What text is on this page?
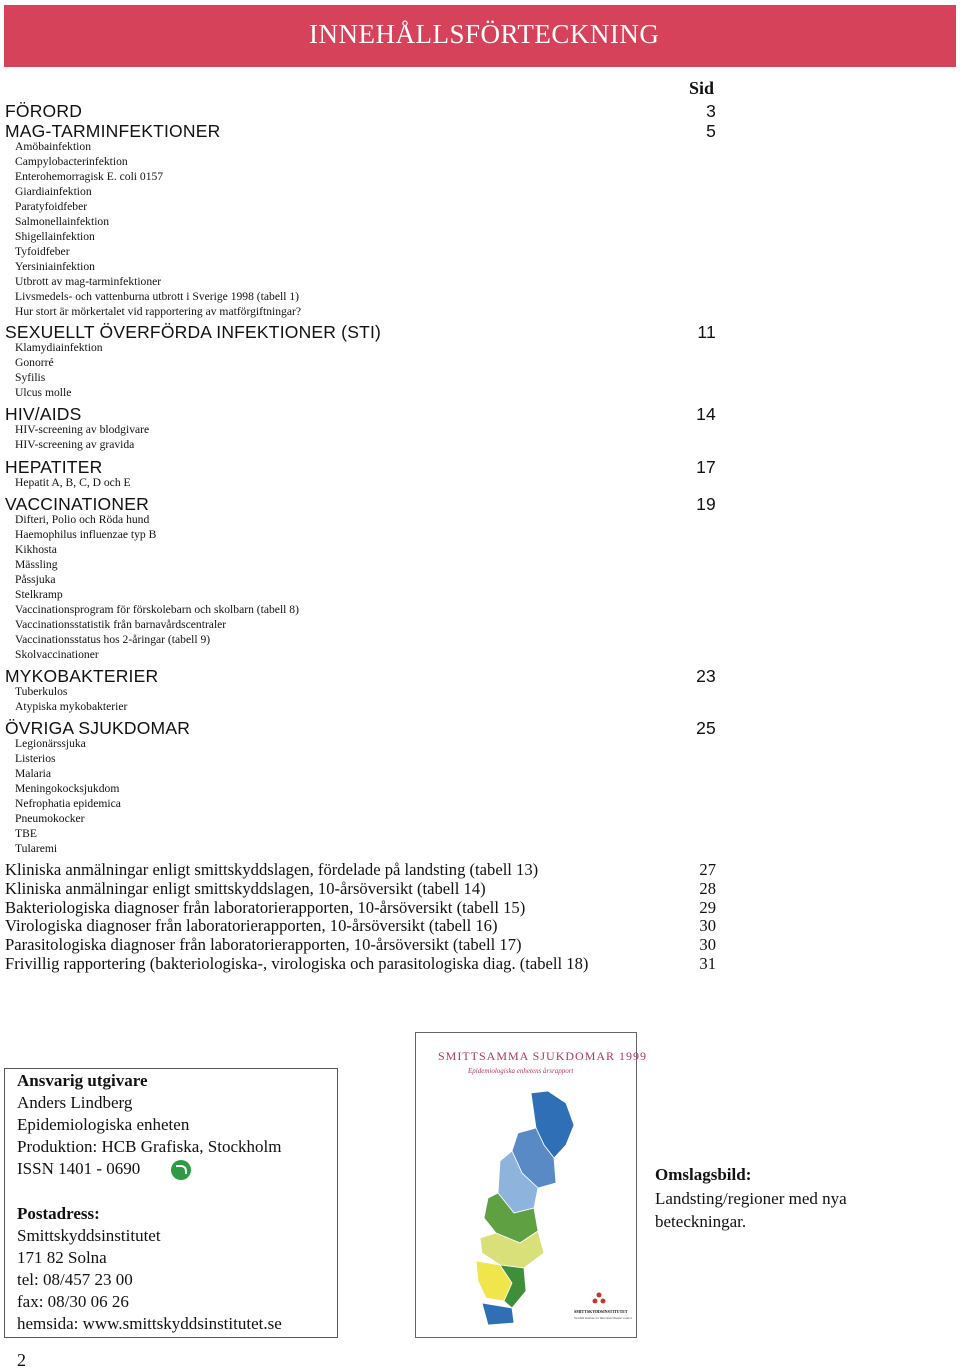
INNEHÅLLSFÖRTECKNING
Sid
FÖRORD	3
MAG-TARMINFEKTIONER	5
Amöbainfektion
Campylobacterinfektion
Enterohemorragisk E. coli 0157
Giardiainfektion
Paratyfoidfeber
Salmonellainfektion
Shigellainfektion
Tyfoidfeber
Yersiniainfektion
Utbrott av mag-tarminfektioner
Livsmedels- och vattenburna utbrott i Sverige 1998 (tabell 1)
Hur stort är mörkertalet vid rapportering av matförgiftningar?
SEXUELLT ÖVERFÖRDA INFEKTIONER (STI)	11
Klamydiainfektion
Gonorré
Syfilis
Ulcus molle
HIV/AIDS	14
HIV-screening av blodgivare
HIV-screening av gravida
HEPATITER	17
Hepatit A, B, C, D och E
VACCINATIONER	19
Difteri, Polio och Röda hund
Haemophilus influenzae typ B
Kikhosta
Mässling
Påssjuka
Stelkramp
Vaccinationsprogram för förskolebarn och skolbarn (tabell 8)
Vaccinationsstatistik från barnavårdscentraler
Vaccinationsstatus hos 2-åringar (tabell 9)
Skolvaccinationer
MYKOBAKTERIER	23
Tuberkulos
Atypiska mykobakterier
ÖVRIGA SJUKDOMAR	25
Legionärssjuka
Listerios
Malaria
Meningokocksjukdom
Nefrophatia epidemica
Pneumokocker
TBE
Tularemi
Kliniska anmälningar enligt smittskyddslagen, fördelade på landsting (tabell 13)	27
Kliniska anmälningar enligt smittskyddslagen, 10-årsöversikt (tabell 14)	28
Bakteriologiska diagnoser från laboratorierapporten, 10-årsöversikt (tabell 15)	29
Virologiska diagnoser från laboratorierapporten, 10-årsöversikt (tabell 16)	30
Parasitologiska diagnoser från laboratorierapporten, 10-årsöversikt (tabell 17)	30
Frivillig rapportering (bakteriologiska-, virologiska och parasitologiska diag. (tabell 18)	31
Ansvarig utgivare
Anders Lindberg
Epidemiologiska enheten
Produktion: HCB Grafiska, Stockholm
ISSN 1401 - 0690
Postadress:
Smittskyddsinstitutet
171 82 Solna
tel: 08/457 23 00
fax: 08/30 06 26
hemsida: www.smittskyddsinstitutet.se
SMITTSAMMA SJUKDOMAR 1999
Epidemiologiska enhetens årsrapport
SMITTSKYDDSINSTITUTET
Swedish Institute for Infectious Disease Control
Omslagsbild:
Landsting/regioner med nya beteckningar.
2
